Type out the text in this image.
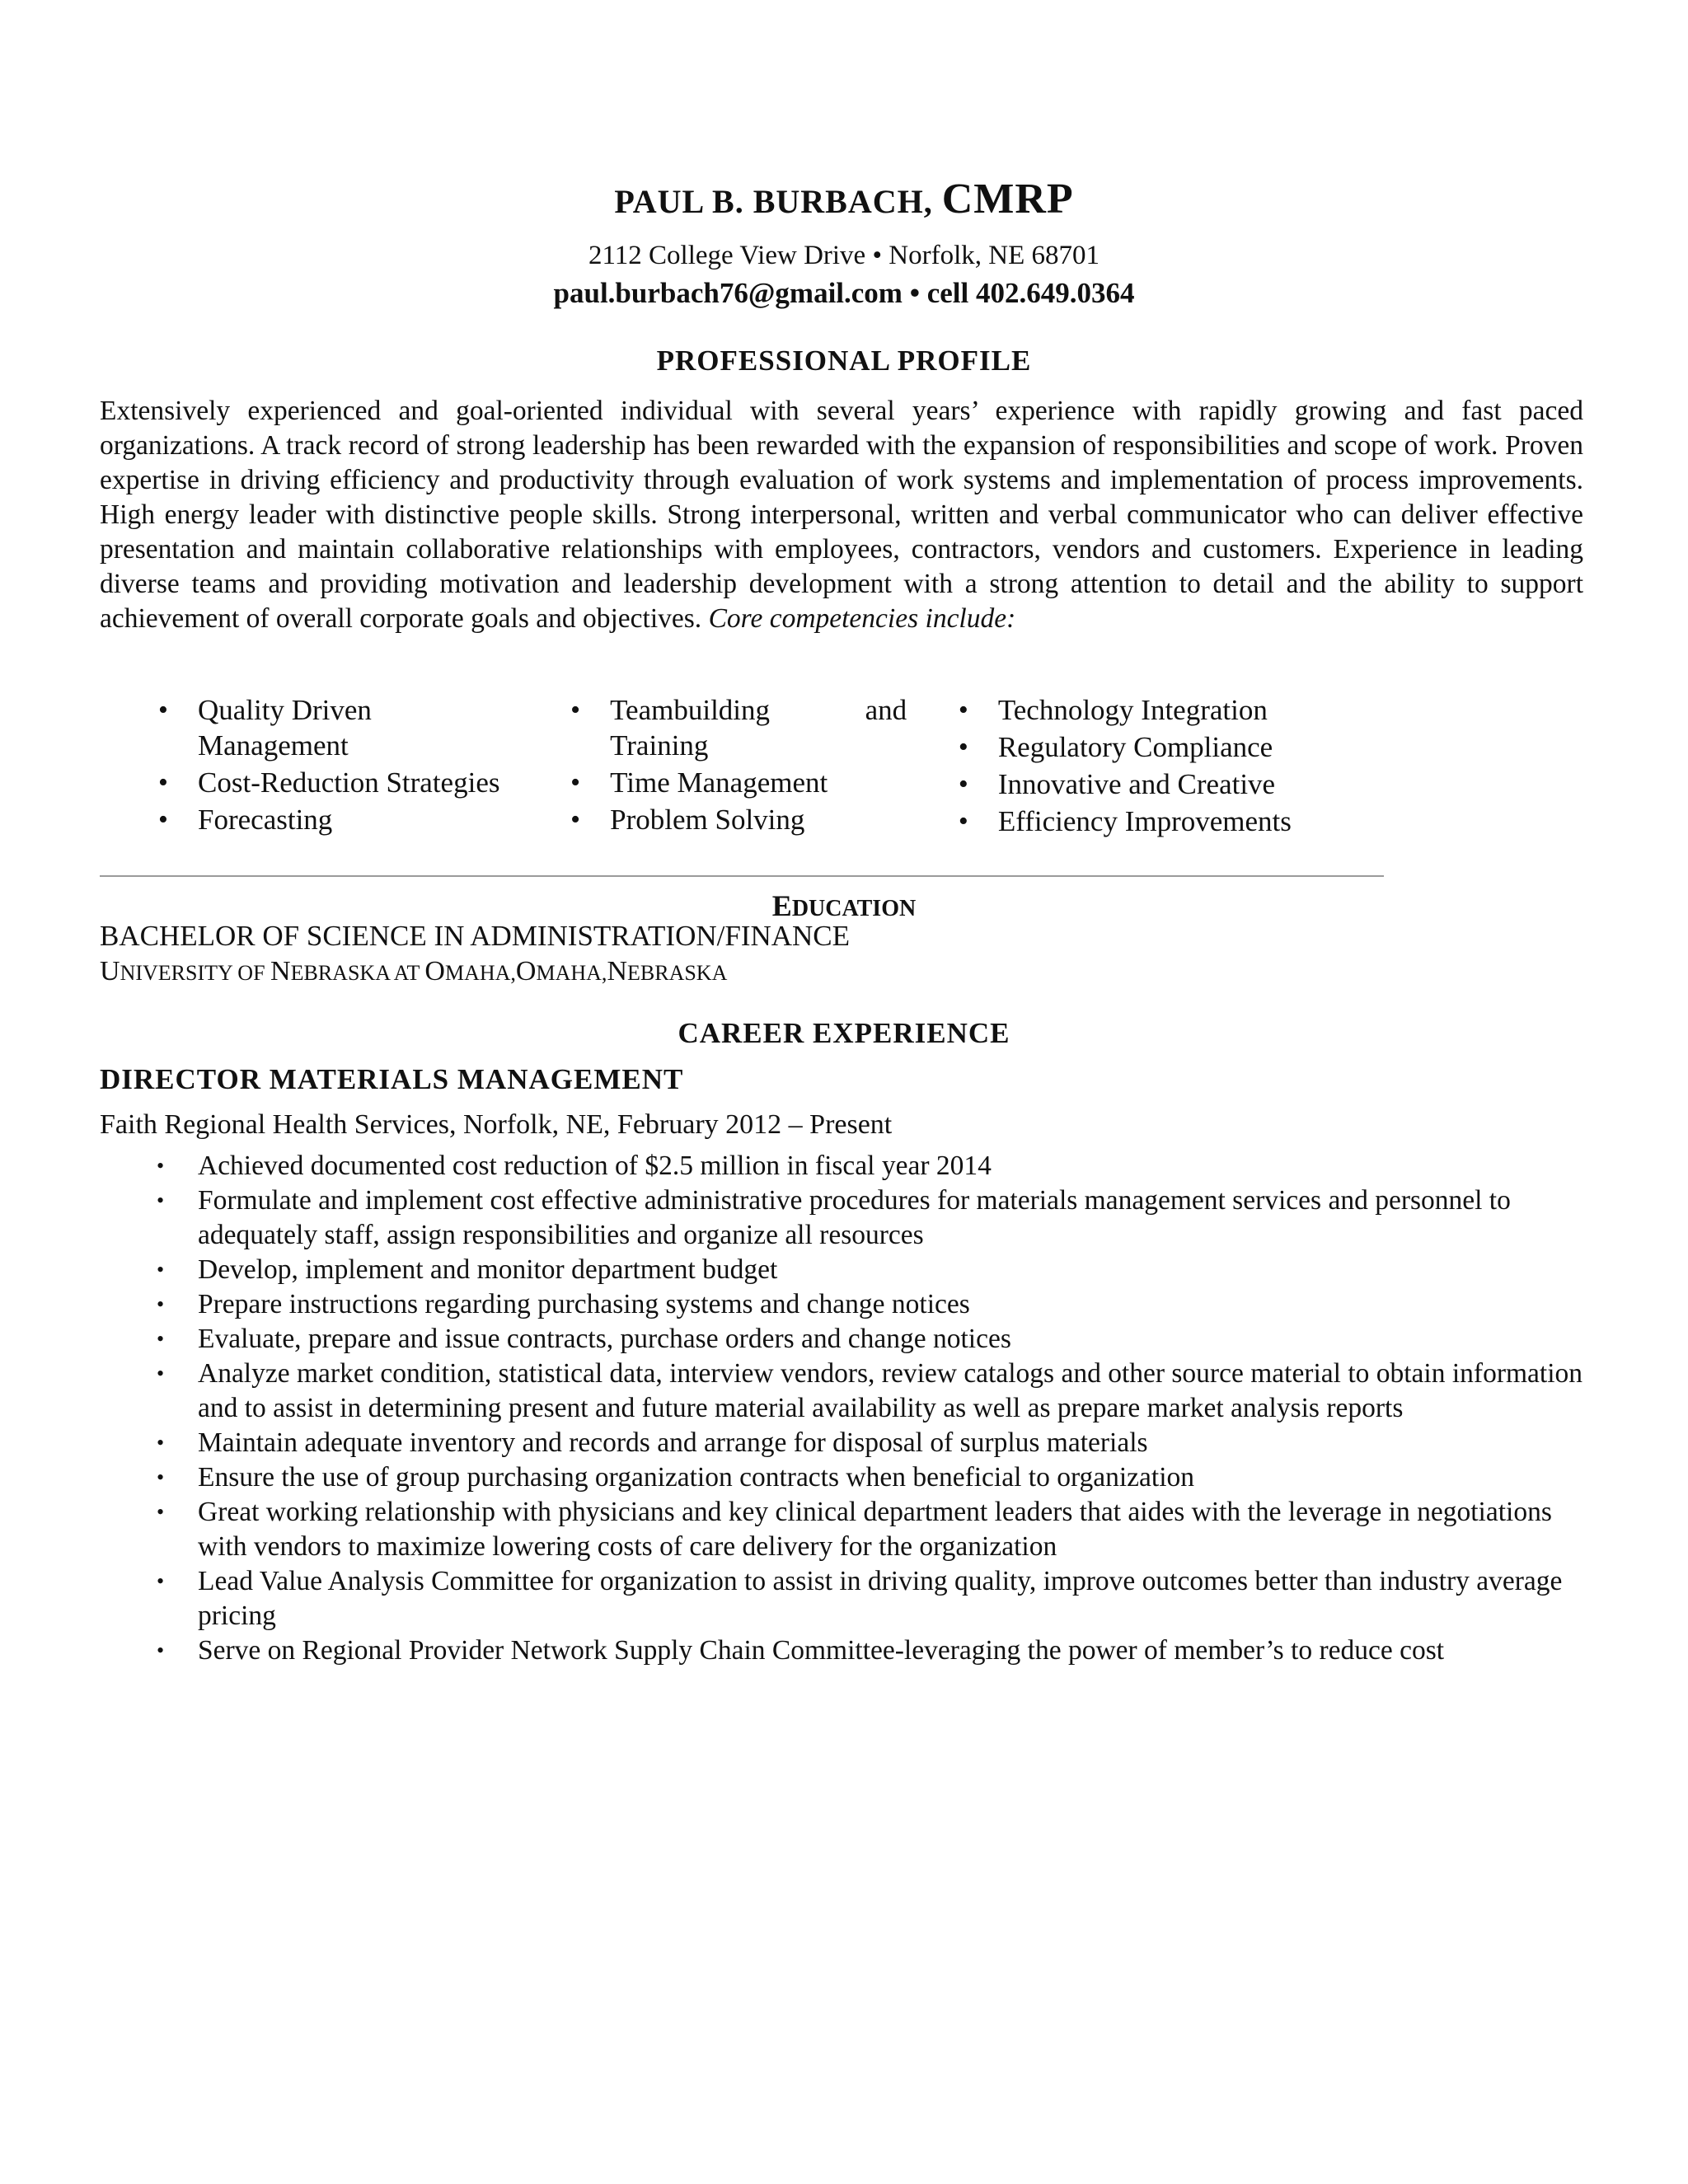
PAUL B. BURBACH, CMRP
2112 College View Drive • Norfolk, NE 68701
paul.burbach76@gmail.com • cell 402.649.0364
PROFESSIONAL PROFILE
Extensively experienced and goal-oriented individual with several years’ experience with rapidly growing and fast paced organizations. A track record of strong leadership has been rewarded with the expansion of responsibilities and scope of work. Proven expertise in driving efficiency and productivity through evaluation of work systems and implementation of process improvements. High energy leader with distinctive people skills. Strong interpersonal, written and verbal communicator who can deliver effective presentation and maintain collaborative relationships with employees, contractors, vendors and customers. Experience in leading diverse teams and providing motivation and leadership development with a strong attention to detail and the ability to support achievement of overall corporate goals and objectives. Core competencies include:
• Quality Driven Management
• Cost-Reduction Strategies
• Forecasting
• Teambuilding and Training
• Time Management
• Problem Solving
• Technology Integration
• Regulatory Compliance
• Innovative and Creative
• Efficiency Improvements
EDUCATION
BACHELOR OF SCIENCE IN ADMINISTRATION/FINANCE
UNIVERSITY OF NEBRASKA AT OMAHA,OMAHA,NEBRASKA
CAREER EXPERIENCE
DIRECTOR MATERIALS MANAGEMENT
Faith Regional Health Services, Norfolk, NE, February 2012 – Present
• Achieved documented cost reduction of $2.5 million in fiscal year 2014
• Formulate and implement cost effective administrative procedures for materials management services and personnel to adequately staff, assign responsibilities and organize all resources
• Develop, implement and monitor department budget
• Prepare instructions regarding purchasing systems and change notices
• Evaluate, prepare and issue contracts, purchase orders and change notices
• Analyze market condition, statistical data, interview vendors, review catalogs and other source material to obtain information and to assist in determining present and future material availability as well as prepare market analysis reports
• Maintain adequate inventory and records and arrange for disposal of surplus materials
• Ensure the use of group purchasing organization contracts when beneficial to organization
• Great working relationship with physicians and key clinical department leaders that aides with the leverage in negotiations with vendors to maximize lowering costs of care delivery for the organization
• Lead Value Analysis Committee for organization to assist in driving quality, improve outcomes better than industry average pricing
• Serve on Regional Provider Network Supply Chain Committee-leveraging the power of member’s to reduce cost
